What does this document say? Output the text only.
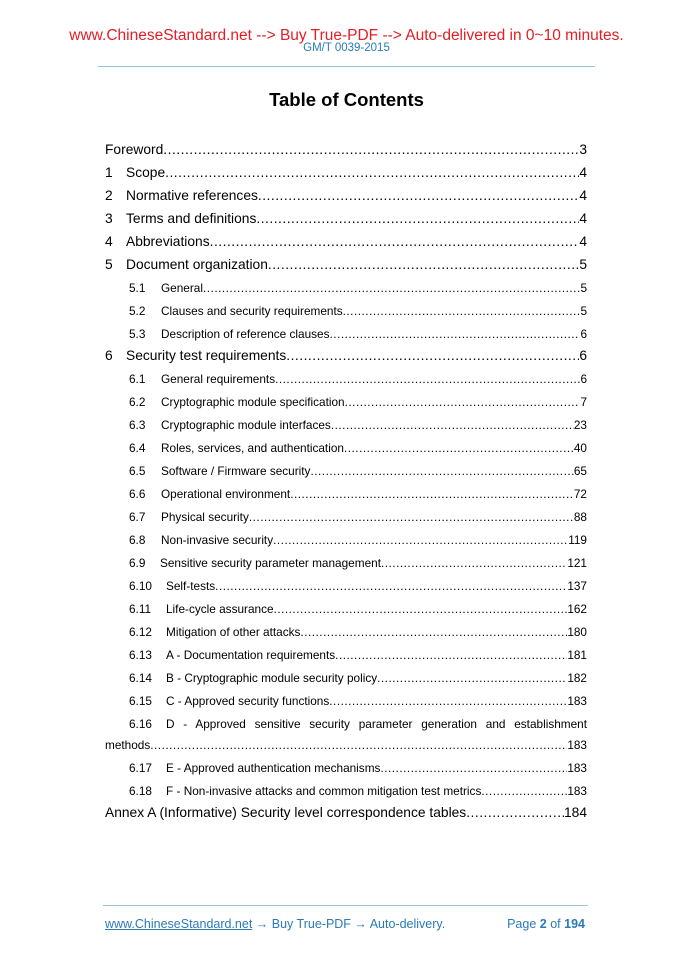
www.ChineseStandard.net --> Buy True-PDF --> Auto-delivered in 0~10 minutes.
GM/T 0039-2015
Table of Contents
Foreword .....	3
1 Scope .....	4
2 Normative references .....	4
3 Terms and definitions .....	4
4 Abbreviations .....	4
5 Document organization .....	5
5.1	General .....	5
5.2	Clauses and security requirements .....	5
5.3	Description of reference clauses .....	6
6 Security test requirements .....	6
6.1	General requirements .....	6
6.2	Cryptographic module specification .....	7
6.3	Cryptographic module interfaces .....	23
6.4	Roles, services, and authentication .....	40
6.5	Software / Firmware security .....	65
6.6	Operational environment .....	72
6.7	Physical security .....	88
6.8	Non-invasive security .....	119
6.9	Sensitive security parameter management .....	121
6.10	Self-tests .....	137
6.11	Life-cycle assurance .....	162
6.12	Mitigation of other attacks .....	180
6.13	A - Documentation requirements .....	181
6.14	B - Cryptographic module security policy .....	182
6.15	C - Approved security functions .....	183
6.16	D - Approved sensitive security parameter generation and establishment
methods .....	183
6.17	E - Approved authentication mechanisms .....	183
6.18	F - Non-invasive attacks and common mitigation test metrics .....	183
Annex A (Informative) Security level correspondence tables .....	184
www.ChineseStandard.net → Buy True-PDF → Auto-delivery.	Page 2 of 194
